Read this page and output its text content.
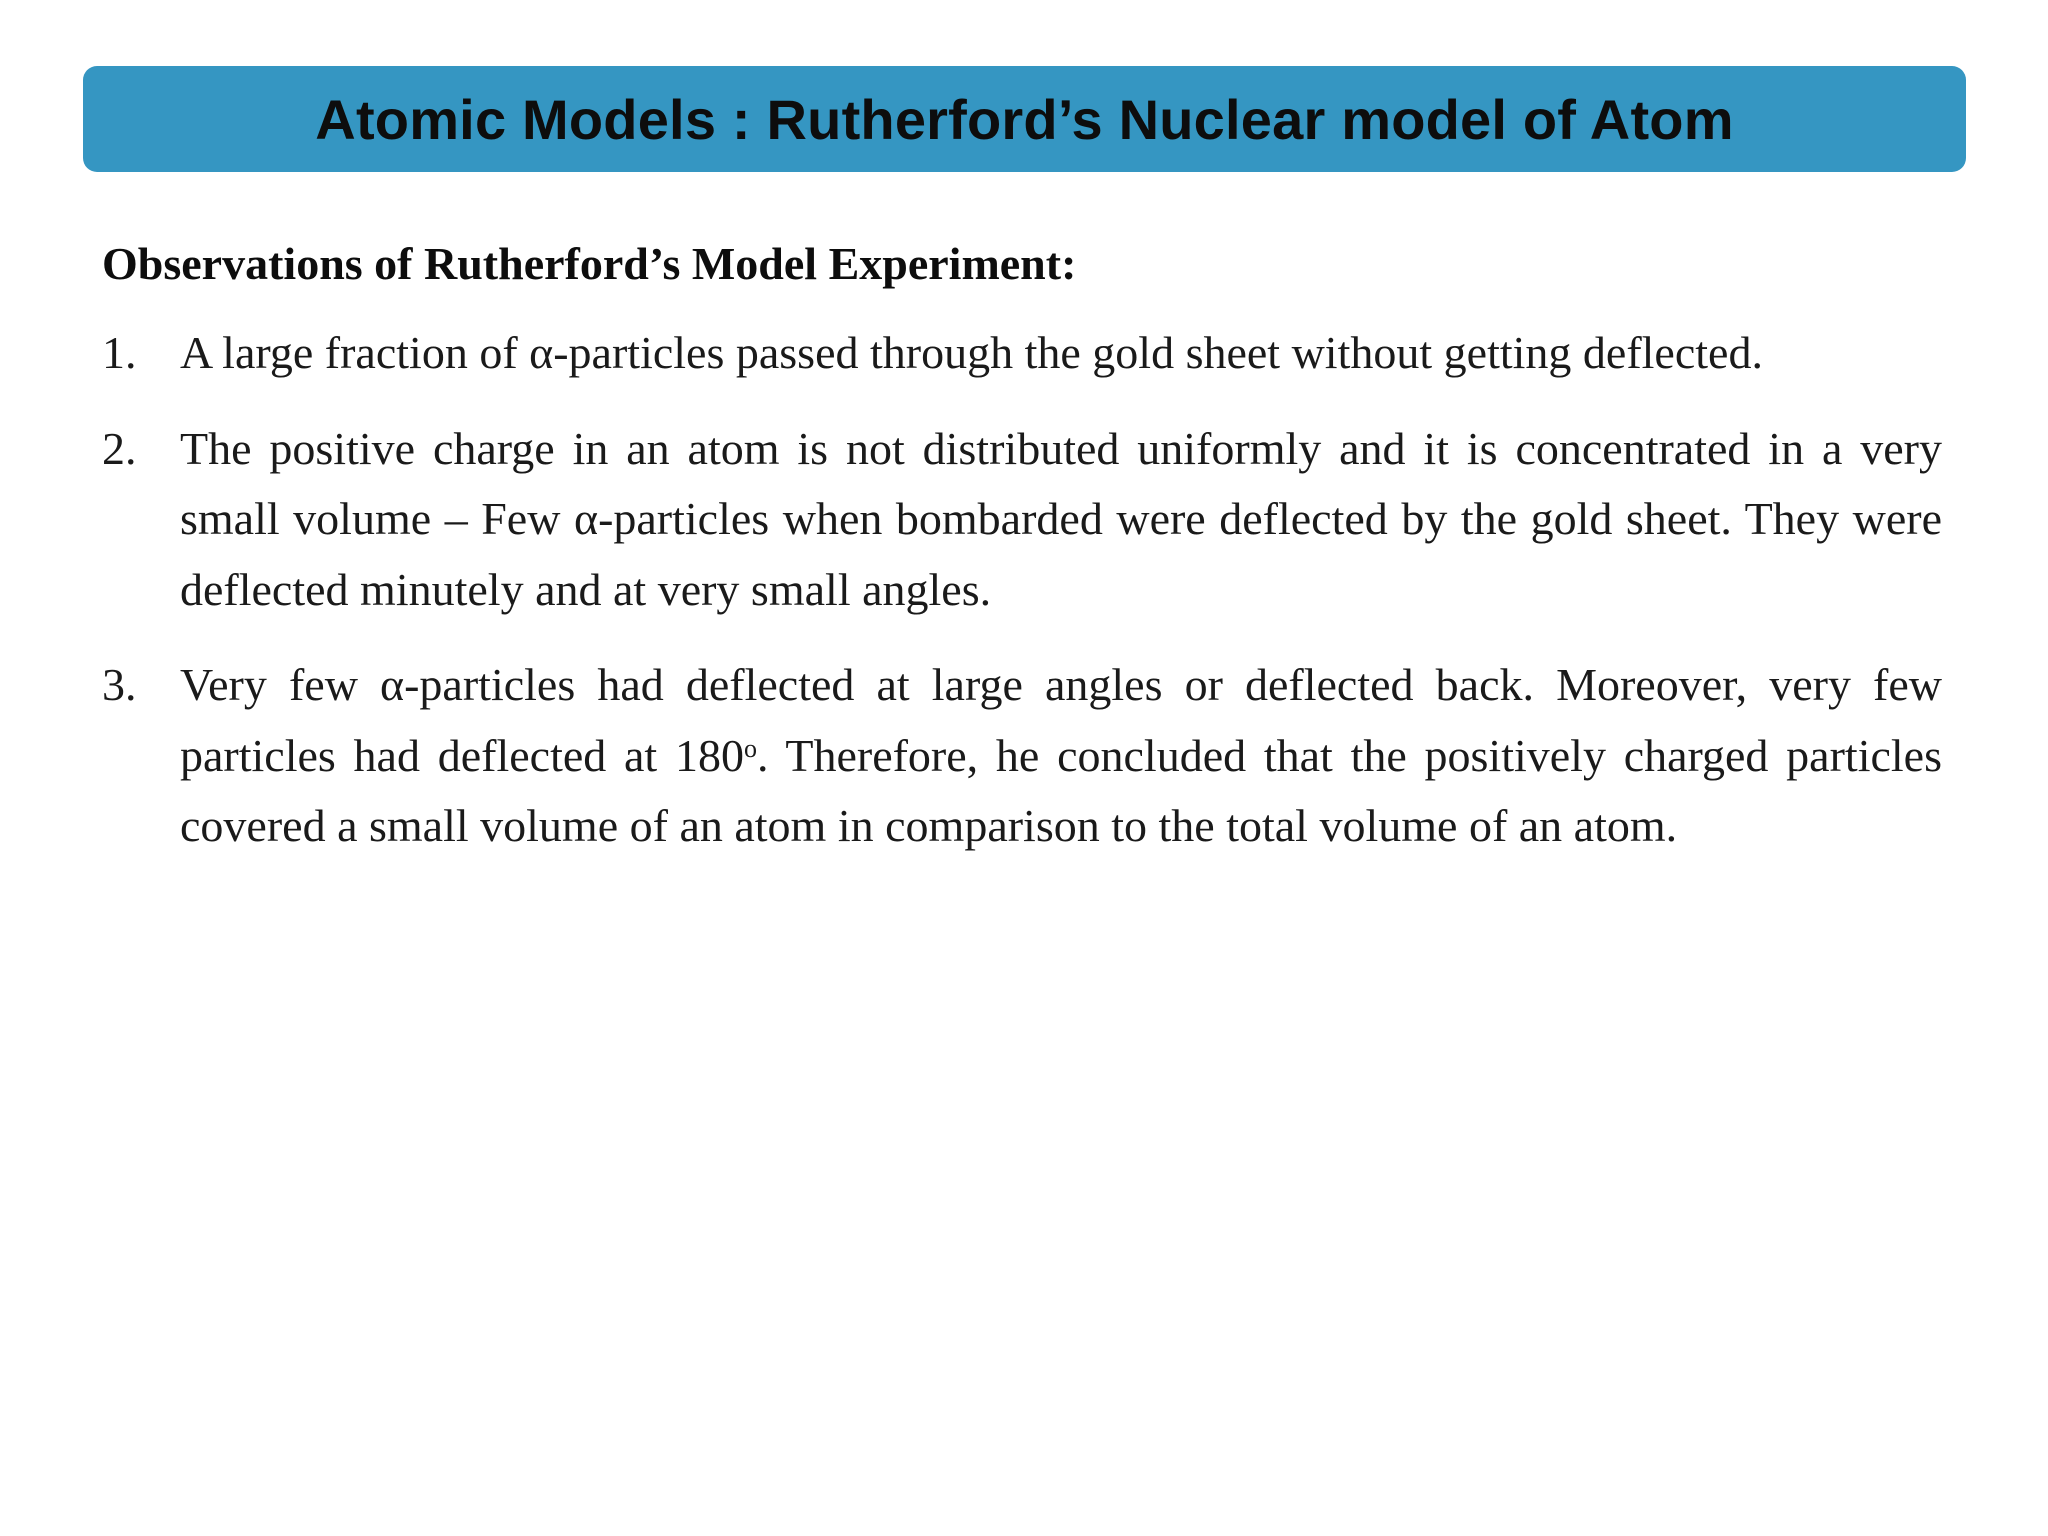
Atomic Models : Rutherford’s Nuclear model of Atom
Observations of Rutherford’s Model Experiment:
1. A large fraction of α-particles passed through the gold sheet without getting deflected.
2. The positive charge in an atom is not distributed uniformly and it is concentrated in a very small volume – Few α-particles when bombarded were deflected by the gold sheet. They were deflected minutely and at very small angles.
3. Very few α-particles had deflected at large angles or deflected back. Moreover, very few particles had deflected at 180$^o$. Therefore, he concluded that the positively charged particles covered a small volume of an atom in comparison to the total volume of an atom.
